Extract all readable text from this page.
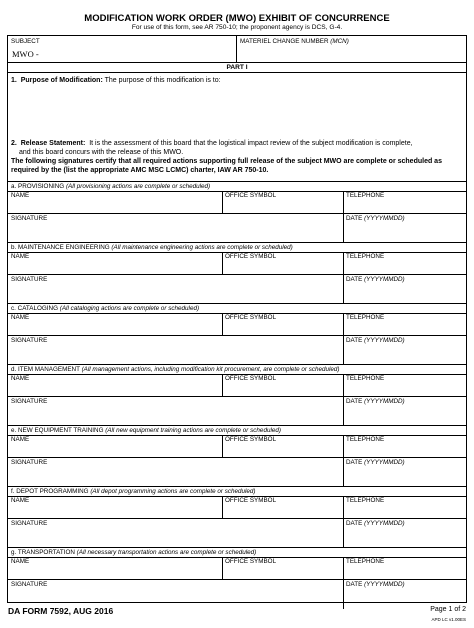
MODIFICATION WORK ORDER (MWO) EXHIBIT OF CONCURRENCE
For use of this form, see AR 750-10; the proponent agency is DCS, G-4.
SUBJECT
MWO -
MATERIEL CHANGE NUMBER (MCN)
PART I
1. Purpose of Modification: The purpose of this modification is to:
2. Release Statement: It is the assessment of this board that the logistical impact review of the subject modification is complete,
and this board concurs with the release of this MWO.
The following signatures certify that all required actions supporting full release of the subject MWO are complete or scheduled as required by the (list the appropriate AMC MSC LCMC) charter, IAW AR 750-10.
a. PROVISIONING (All provisioning actions are complete or scheduled)
NAME	OFFICE SYMBOL	TELEPHONE
SIGNATURE	DATE (YYYYMMDD)
b. MAINTENANCE ENGINEERING (All maintenance engineering actions are complete or scheduled)
NAME	OFFICE SYMBOL	TELEPHONE
SIGNATURE	DATE (YYYYMMDD)
c. CATALOGING (All cataloging actions are complete or scheduled)
NAME	OFFICE SYMBOL	TELEPHONE
SIGNATURE	DATE (YYYYMMDD)
d. ITEM MANAGEMENT (All management actions, including modification kit procurement, are complete or scheduled)
NAME	OFFICE SYMBOL	TELEPHONE
SIGNATURE	DATE (YYYYMMDD)
e. NEW EQUIPMENT TRAINING (All new equipment training actions are complete or scheduled)
NAME	OFFICE SYMBOL	TELEPHONE
SIGNATURE	DATE (YYYYMMDD)
f. DEPOT PROGRAMMING (All depot programming actions are complete or scheduled)
NAME	OFFICE SYMBOL	TELEPHONE
SIGNATURE	DATE (YYYYMMDD)
g. TRANSPORTATION (All necessary transportation actions are complete or scheduled)
NAME	OFFICE SYMBOL	TELEPHONE
SIGNATURE	DATE (YYYYMMDD)
DA FORM 7592, AUG 2016	Page 1 of 2
APD LC v1.00ES
